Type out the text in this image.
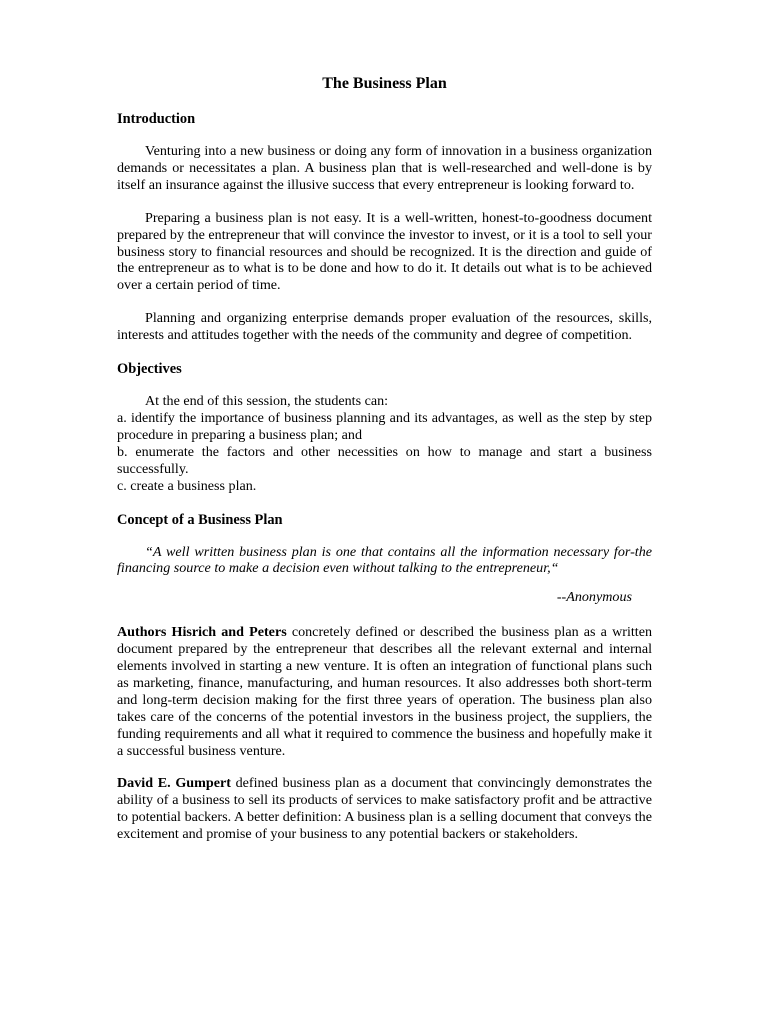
The Business Plan
Introduction

Venturing into a new business or doing any form of innovation in a business organization demands or necessitates a plan. A business plan that is well-researched and well-done is by itself an insurance against the illusive success that every entrepreneur is looking forward to.

Preparing a business plan is not easy. It is a well-written, honest-to-goodness document prepared by the entrepreneur that will convince the investor to invest, or it is a tool to sell your business story to financial resources and should be recognized. It is the direction and guide of the entrepreneur as to what is to be done and how to do it. It details out what is to be achieved over a certain period of time.

Planning and organizing enterprise demands proper evaluation of the resources, skills, interests and attitudes together with the needs of the community and degree of competition.

Objectives
At the end of this session, the students can:
a. identify the importance of business planning and its advantages, as well as the step by step procedure in preparing a business plan; and
b. enumerate the factors and other necessities on how to manage and start a business successfully.
c. create a business plan.
Concept of a Business Plan
“A well written business plan is one that contains all the information necessary for-the financing source to make a decision even without talking to the entrepreneur,“
--Anonymous

Authors Hisrich and Peters concretely defined or described the business plan as a written document prepared by the entrepreneur that describes all the relevant external and internal elements involved in starting a new venture. It is often an integration of functional plans such as marketing, finance, manufacturing, and human resources. It also addresses both short-term and long-term decision making for the first three years of operation. The business plan also takes care of the concerns of the potential investors in the business project, the suppliers, the funding requirements and all what it required to commence the business and hopefully make it a successful business venture.

David E. Gumpert defined business plan as a document that convincingly demonstrates the ability of a business to sell its products of services to make satisfactory profit and be attractive to potential backers. A better definition: A business plan is a selling document that conveys the excitement and promise of your business to any potential backers or stakeholders.
